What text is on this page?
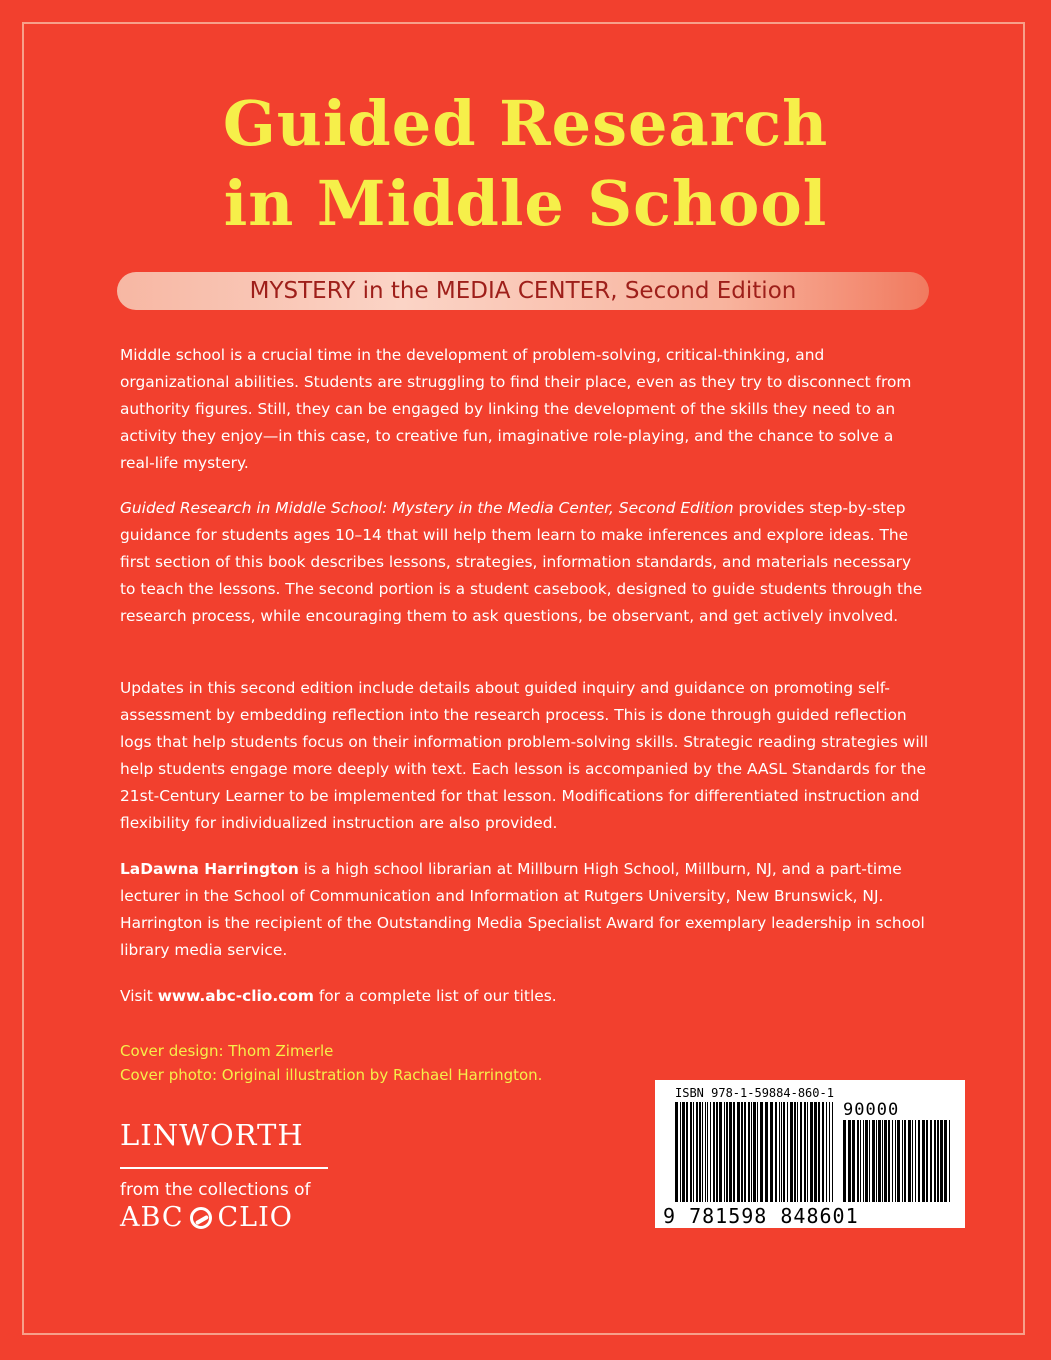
Guided Research
in Middle School
MYSTERY in the MEDIA CENTER, Second Edition
Middle school is a crucial time in the development of problem-solving, critical-thinking, and organizational abilities. Students are struggling to find their place, even as they try to disconnect from authority figures. Still, they can be engaged by linking the development of the skills they need to an activity they enjoy—in this case, to creative fun, imaginative role-playing, and the chance to solve a real-life mystery.
Guided Research in Middle School: Mystery in the Media Center, Second Edition provides step-by-step guidance for students ages 10–14 that will help them learn to make inferences and explore ideas. The first section of this book describes lessons, strategies, information standards, and materials necessary to teach the lessons. The second portion is a student casebook, designed to guide students through the research process, while encouraging them to ask questions, be observant, and get actively involved.
Updates in this second edition include details about guided inquiry and guidance on promoting self-assessment by embedding reflection into the research process. This is done through guided reflection logs that help students focus on their information problem-solving skills. Strategic reading strategies will help students engage more deeply with text. Each lesson is accompanied by the AASL Standards for the 21st-Century Learner to be implemented for that lesson. Modifications for differentiated instruction and flexibility for individualized instruction are also provided.
LaDawna Harrington is a high school librarian at Millburn High School, Millburn, NJ, and a part-time lecturer in the School of Communication and Information at Rutgers University, New Brunswick, NJ. Harrington is the recipient of the Outstanding Media Specialist Award for exemplary leadership in school library media service.
Visit www.abc-clio.com for a complete list of our titles.
Cover design: Thom Zimerle
Cover photo: Original illustration by Rachael Harrington.
LINWORTH
from the collections of
ABC CLIO
ISBN 978-1-59884-860-1
90000
9 781598 848601
